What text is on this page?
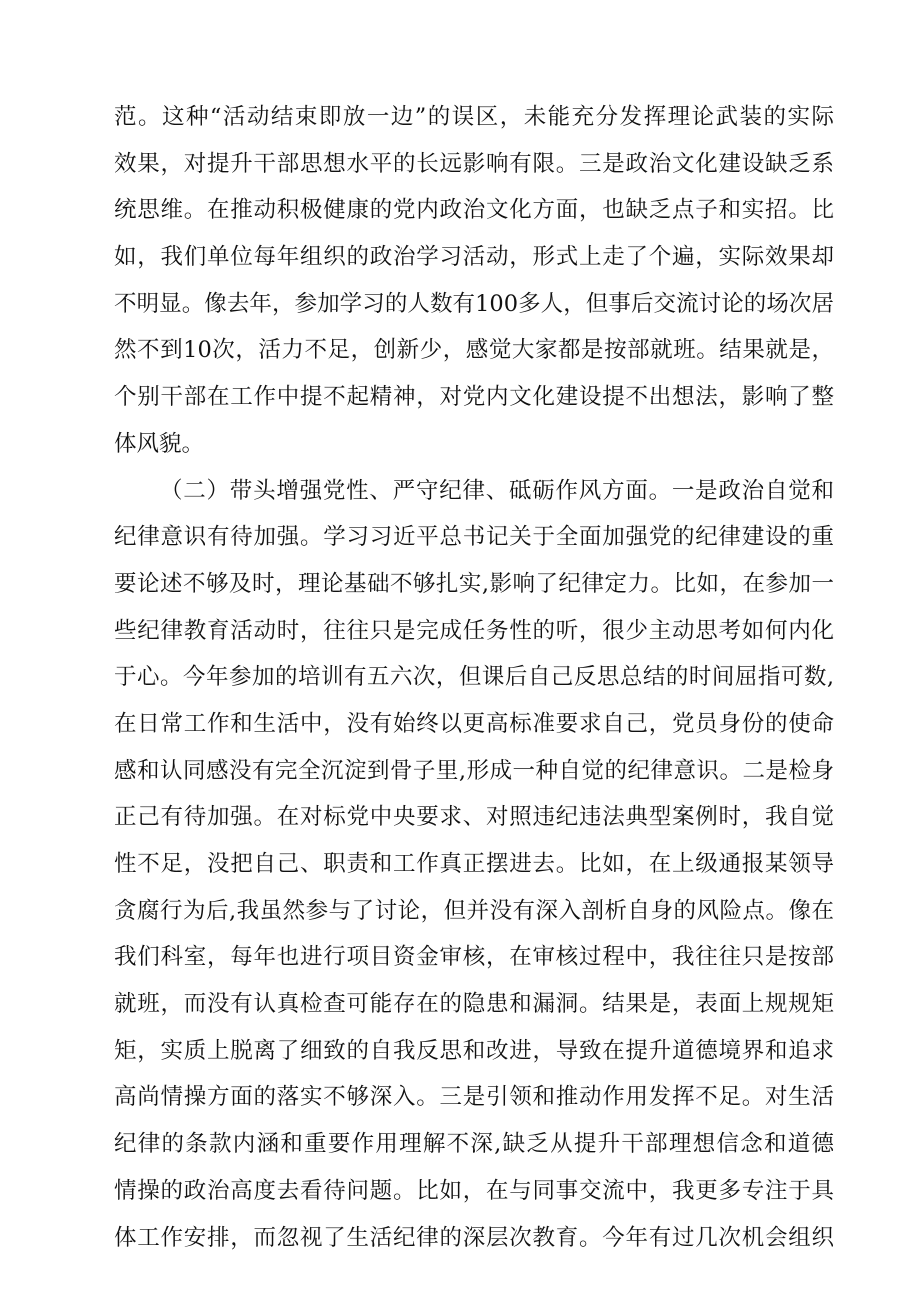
范。这种“活动结束即放一边”的误区，未能充分发挥理论武装的实际
效果，对提升干部思想水平的长远影响有限。三是政治文化建设缺乏系
统思维。在推动积极健康的党内政治文化方面，也缺乏点子和实招。比
如，我们单位每年组织的政治学习活动，形式上走了个遍，实际效果却
不明显。像去年，参加学习的人数有100多人，但事后交流讨论的场次居
然不到10次，活力不足，创新少，感觉大家都是按部就班。结果就是，
个别干部在工作中提不起精神，对党内文化建设提不出想法，影响了整
体风貌。
（二）带头增强党性、严守纪律、砥砺作风方面。一是政治自觉和
纪律意识有待加强。学习习近平总书记关于全面加强党的纪律建设的重
要论述不够及时，理论基础不够扎实,影响了纪律定力。比如，在参加一
些纪律教育活动时，往往只是完成任务性的听，很少主动思考如何内化
于心。今年参加的培训有五六次，但课后自己反思总结的时间屈指可数,
在日常工作和生活中，没有始终以更高标准要求自己，党员身份的使命
感和认同感没有完全沉淀到骨子里,形成一种自觉的纪律意识。二是检身
正己有待加强。在对标党中央要求、对照违纪违法典型案例时，我自觉
性不足，没把自己、职责和工作真正摆进去。比如，在上级通报某领导
贪腐行为后,我虽然参与了讨论，但并没有深入剖析自身的风险点。像在
我们科室，每年也进行项目资金审核，在审核过程中，我往往只是按部
就班，而没有认真检查可能存在的隐患和漏洞。结果是，表面上规规矩
矩，实质上脱离了细致的自我反思和改进，导致在提升道德境界和追求
高尚情操方面的落实不够深入。三是引领和推动作用发挥不足。对生活
纪律的条款内涵和重要作用理解不深,缺乏从提升干部理想信念和道德
情操的政治高度去看待问题。比如，在与同事交流中，我更多专注于具
体工作安排，而忽视了生活纪律的深层次教育。今年有过几次机会组织
